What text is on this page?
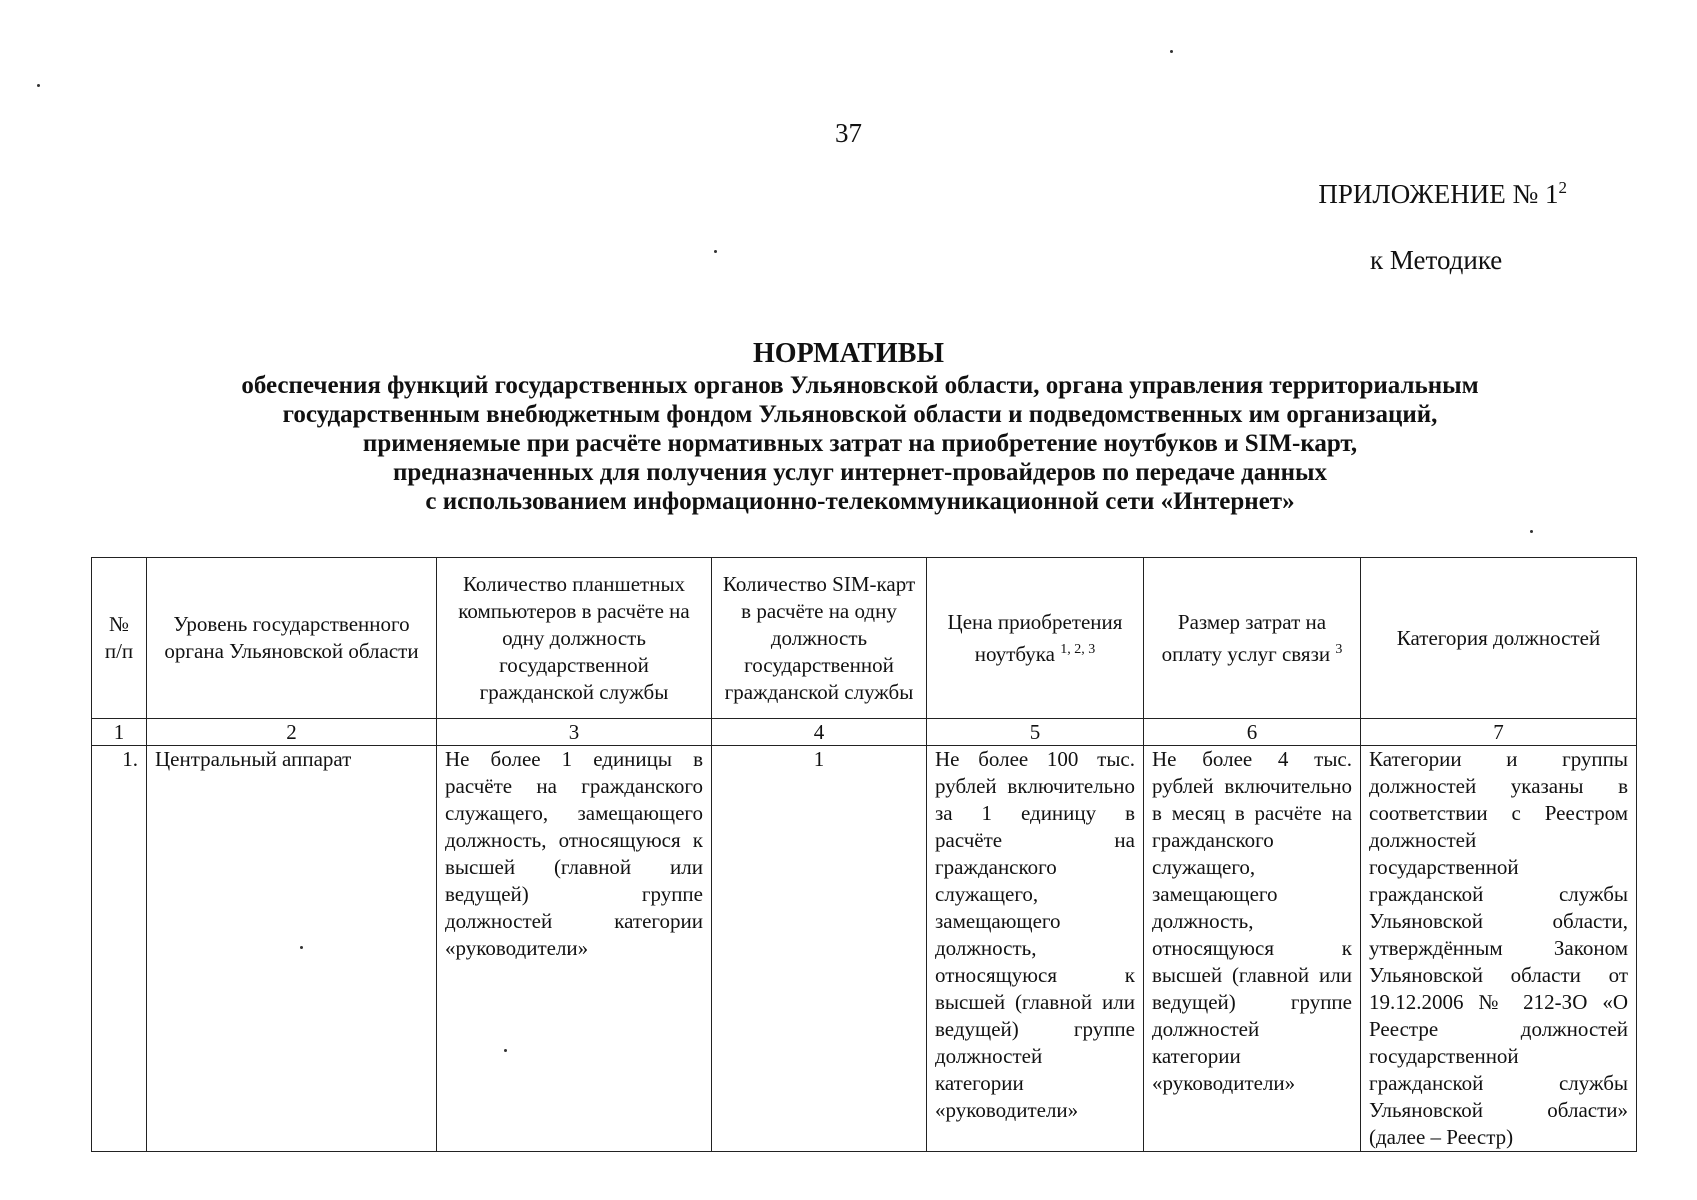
37
ПРИЛОЖЕНИЕ № $1^2$
к Методике
НОРМАТИВЫ
обеспечения функций государственных органов Ульяновской области, органа управления территориальным
государственным внебюджетным фондом Ульяновской области и подведомственных им организаций,
применяемые при расчёте нормативных затрат на приобретение ноутбуков и SIM-карт,
предназначенных для получения услуг интернет-провайдеров по передаче данных
с использованием информационно-телекоммуникационной сети «Интернет»
№ п/п	Уровень государственного органа Ульяновской области	Количество планшетных компьютеров в расчёте на одну должность государственной гражданской службы	Количество SIM-карт в расчёте на одну должность государственной гражданской службы	Цена приобретения ноутбука $^{1, 2, 3}$	Размер затрат на оплату услуг связи $^3$	Категория должностей
1	2	3	4	5	6	7
1.	Центральный аппарат	Не более 1 единицы в расчёте на гражданского служащего, замещающего должность, относящуюся к высшей (главной или ведущей) группе должностей категории «руководители»	1	Не более 100 тыс. рублей включительно за 1 единицу в расчёте на гражданского служащего, замещающего должность, относящуюся к высшей (главной или ведущей) группе должностей категории «руководители»	Не более 4 тыс. рублей включительно в месяц в расчёте на гражданского служащего, замещающего должность, относящуюся к высшей (главной или ведущей) группе должностей категории «руководители»	Категории и группы должностей указаны в соответствии с Реестром должностей государственной гражданской службы Ульяновской области, утверждённым Законом Ульяновской области от 19.12.2006 № 212-ЗО «О Реестре должностей государственной гражданской службы Ульяновской области» (далее – Реестр)
